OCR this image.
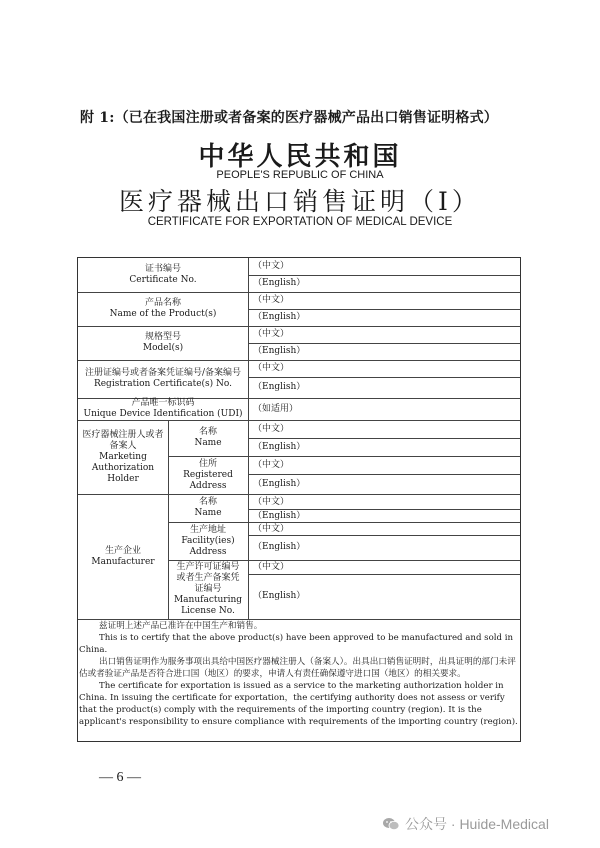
附 1:（已在我国注册或者备案的医疗器械产品出口销售证明格式）
中华人民共和国
PEOPLE'S REPUBLIC OF CHINA
医疗器械出口销售证明（I）
CERTIFICATE FOR EXPORTATION OF MEDICAL DEVICE
证书编号
Certificate No.
产品名称
Name of the Product(s)
规格型号
Model(s)
注册证编号或者备案凭证编号/备案编号
Registration Certificate(s) No.
产品唯一标识码
Unique Device Identification (UDI)
医疗器械注册人或者备案人
Marketing Authorization Holder
名称
Name
住所
Registered Address
生产企业
Manufacturer
名称
Name
生产地址
Facility(ies) Address
生产许可证编号或者生产备案凭证编号
Manufacturing License No.
（中文）
（English）
（中文）
（English）
（中文）
（English）
（中文）
（English）
（如适用）
（中文）
（English）
（中文）
（English）
（中文）
（English）
（中文）
（English）
（中文）
（English）

兹证明上述产品已准许在中国生产和销售。

This is to certify that the above product(s) have been approved to be manufactured and sold in China.

出口销售证明作为服务事项出具给中国医疗器械注册人（备案人）。出具出口销售证明时，出具证明的部门未评估或者验证产品是否符合进口国（地区）的要求，申请人有责任确保遵守进口国（地区）的相关要求。

The certificate for exportation is issued as a service to the marketing authorization holder in China. In issuing the certificate for exportation，the certifying authority does not assess or verify that the product(s) comply with the requirements of the importing country (region). It is the applicant's responsibility to ensure compliance with requirements of the importing country (region).

— 6 —
公众号 · Huide-Medical
